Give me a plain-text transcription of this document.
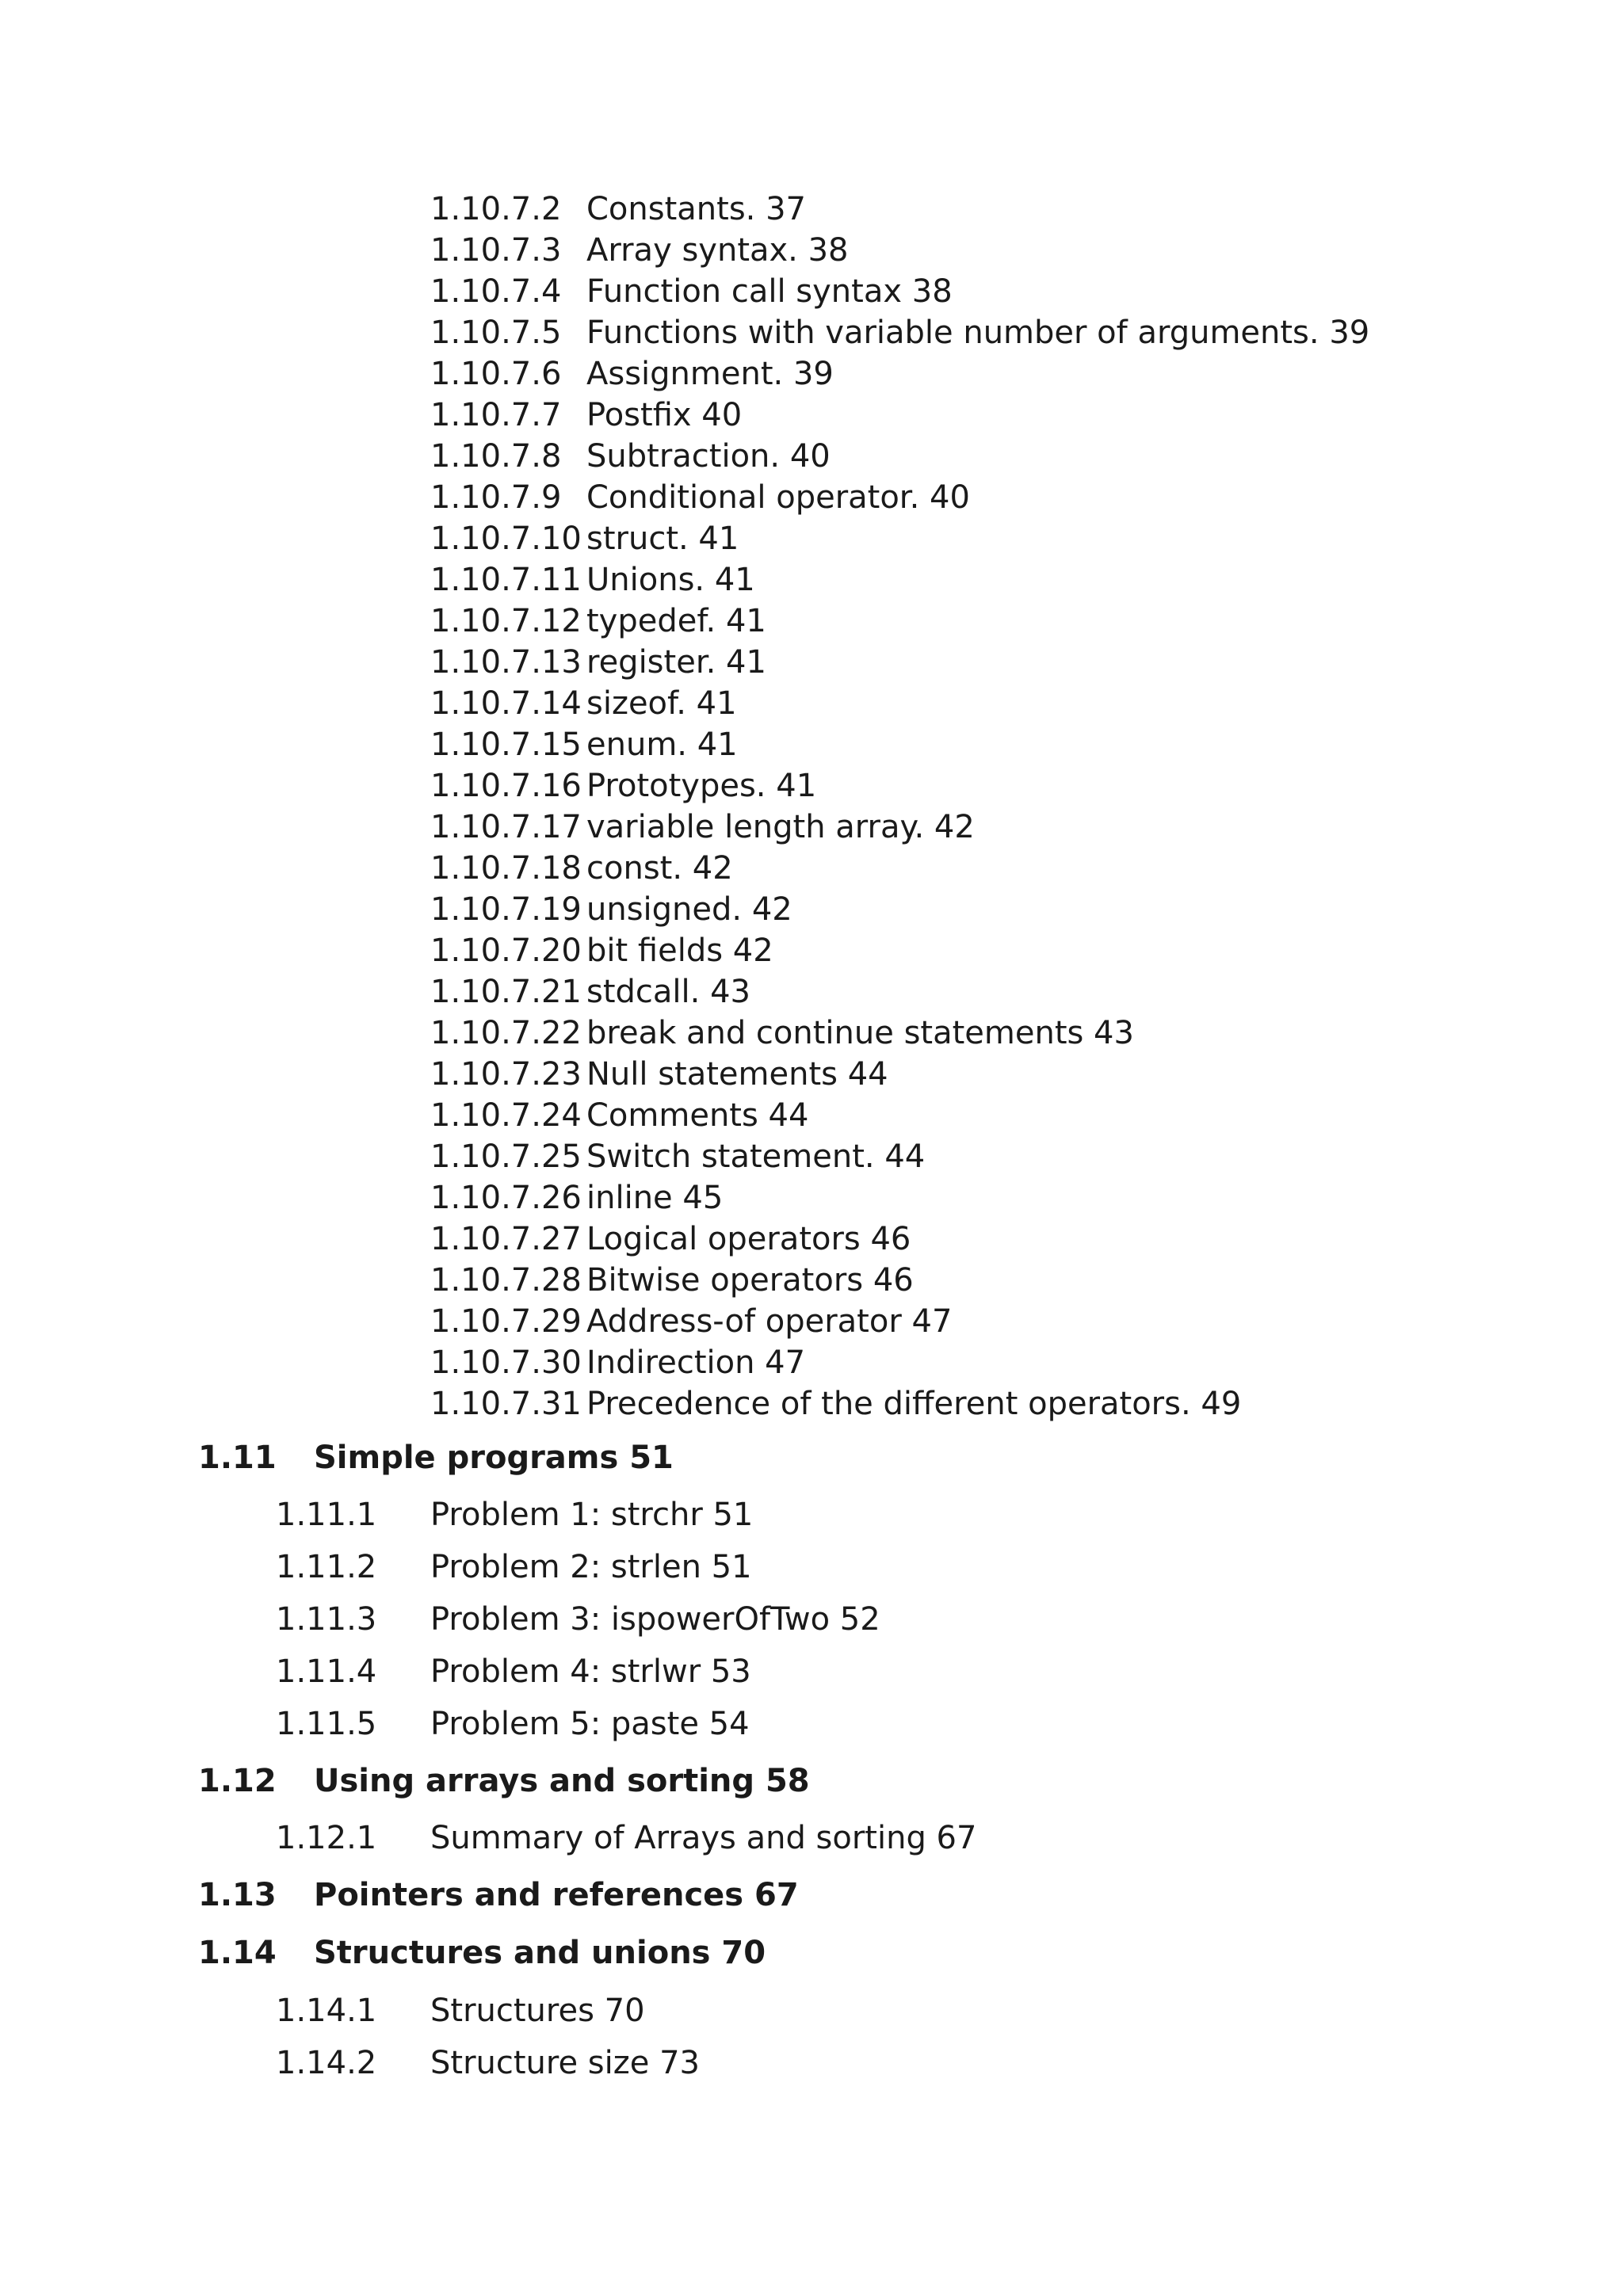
1.10.7.2 Constants. 37
1.10.7.3 Array syntax. 38
1.10.7.4 Function call syntax 38
1.10.7.5 Functions with variable number of arguments. 39
1.10.7.6 Assignment. 39
1.10.7.7 Postfix 40
1.10.7.8 Subtraction. 40
1.10.7.9 Conditional operator. 40
1.10.7.10 struct. 41
1.10.7.11 Unions. 41
1.10.7.12 typedef. 41
1.10.7.13 register. 41
1.10.7.14 sizeof. 41
1.10.7.15 enum. 41
1.10.7.16 Prototypes. 41
1.10.7.17 variable length array. 42
1.10.7.18 const. 42
1.10.7.19 unsigned. 42
1.10.7.20 bit fields 42
1.10.7.21 stdcall. 43
1.10.7.22 break and continue statements 43
1.10.7.23 Null statements 44
1.10.7.24 Comments 44
1.10.7.25 Switch statement. 44
1.10.7.26 inline 45
1.10.7.27 Logical operators 46
1.10.7.28 Bitwise operators 46
1.10.7.29 Address-of operator 47
1.10.7.30 Indirection 47
1.10.7.31 Precedence of the different operators. 49
1.11 Simple programs 51
1.11.1 Problem 1: strchr 51
1.11.2 Problem 2: strlen 51
1.11.3 Problem 3: ispowerOfTwo 52
1.11.4 Problem 4: strlwr 53
1.11.5 Problem 5: paste 54
1.12 Using arrays and sorting 58
1.12.1 Summary of Arrays and sorting 67
1.13 Pointers and references 67
1.14 Structures and unions 70
1.14.1 Structures 70
1.14.2 Structure size 73
